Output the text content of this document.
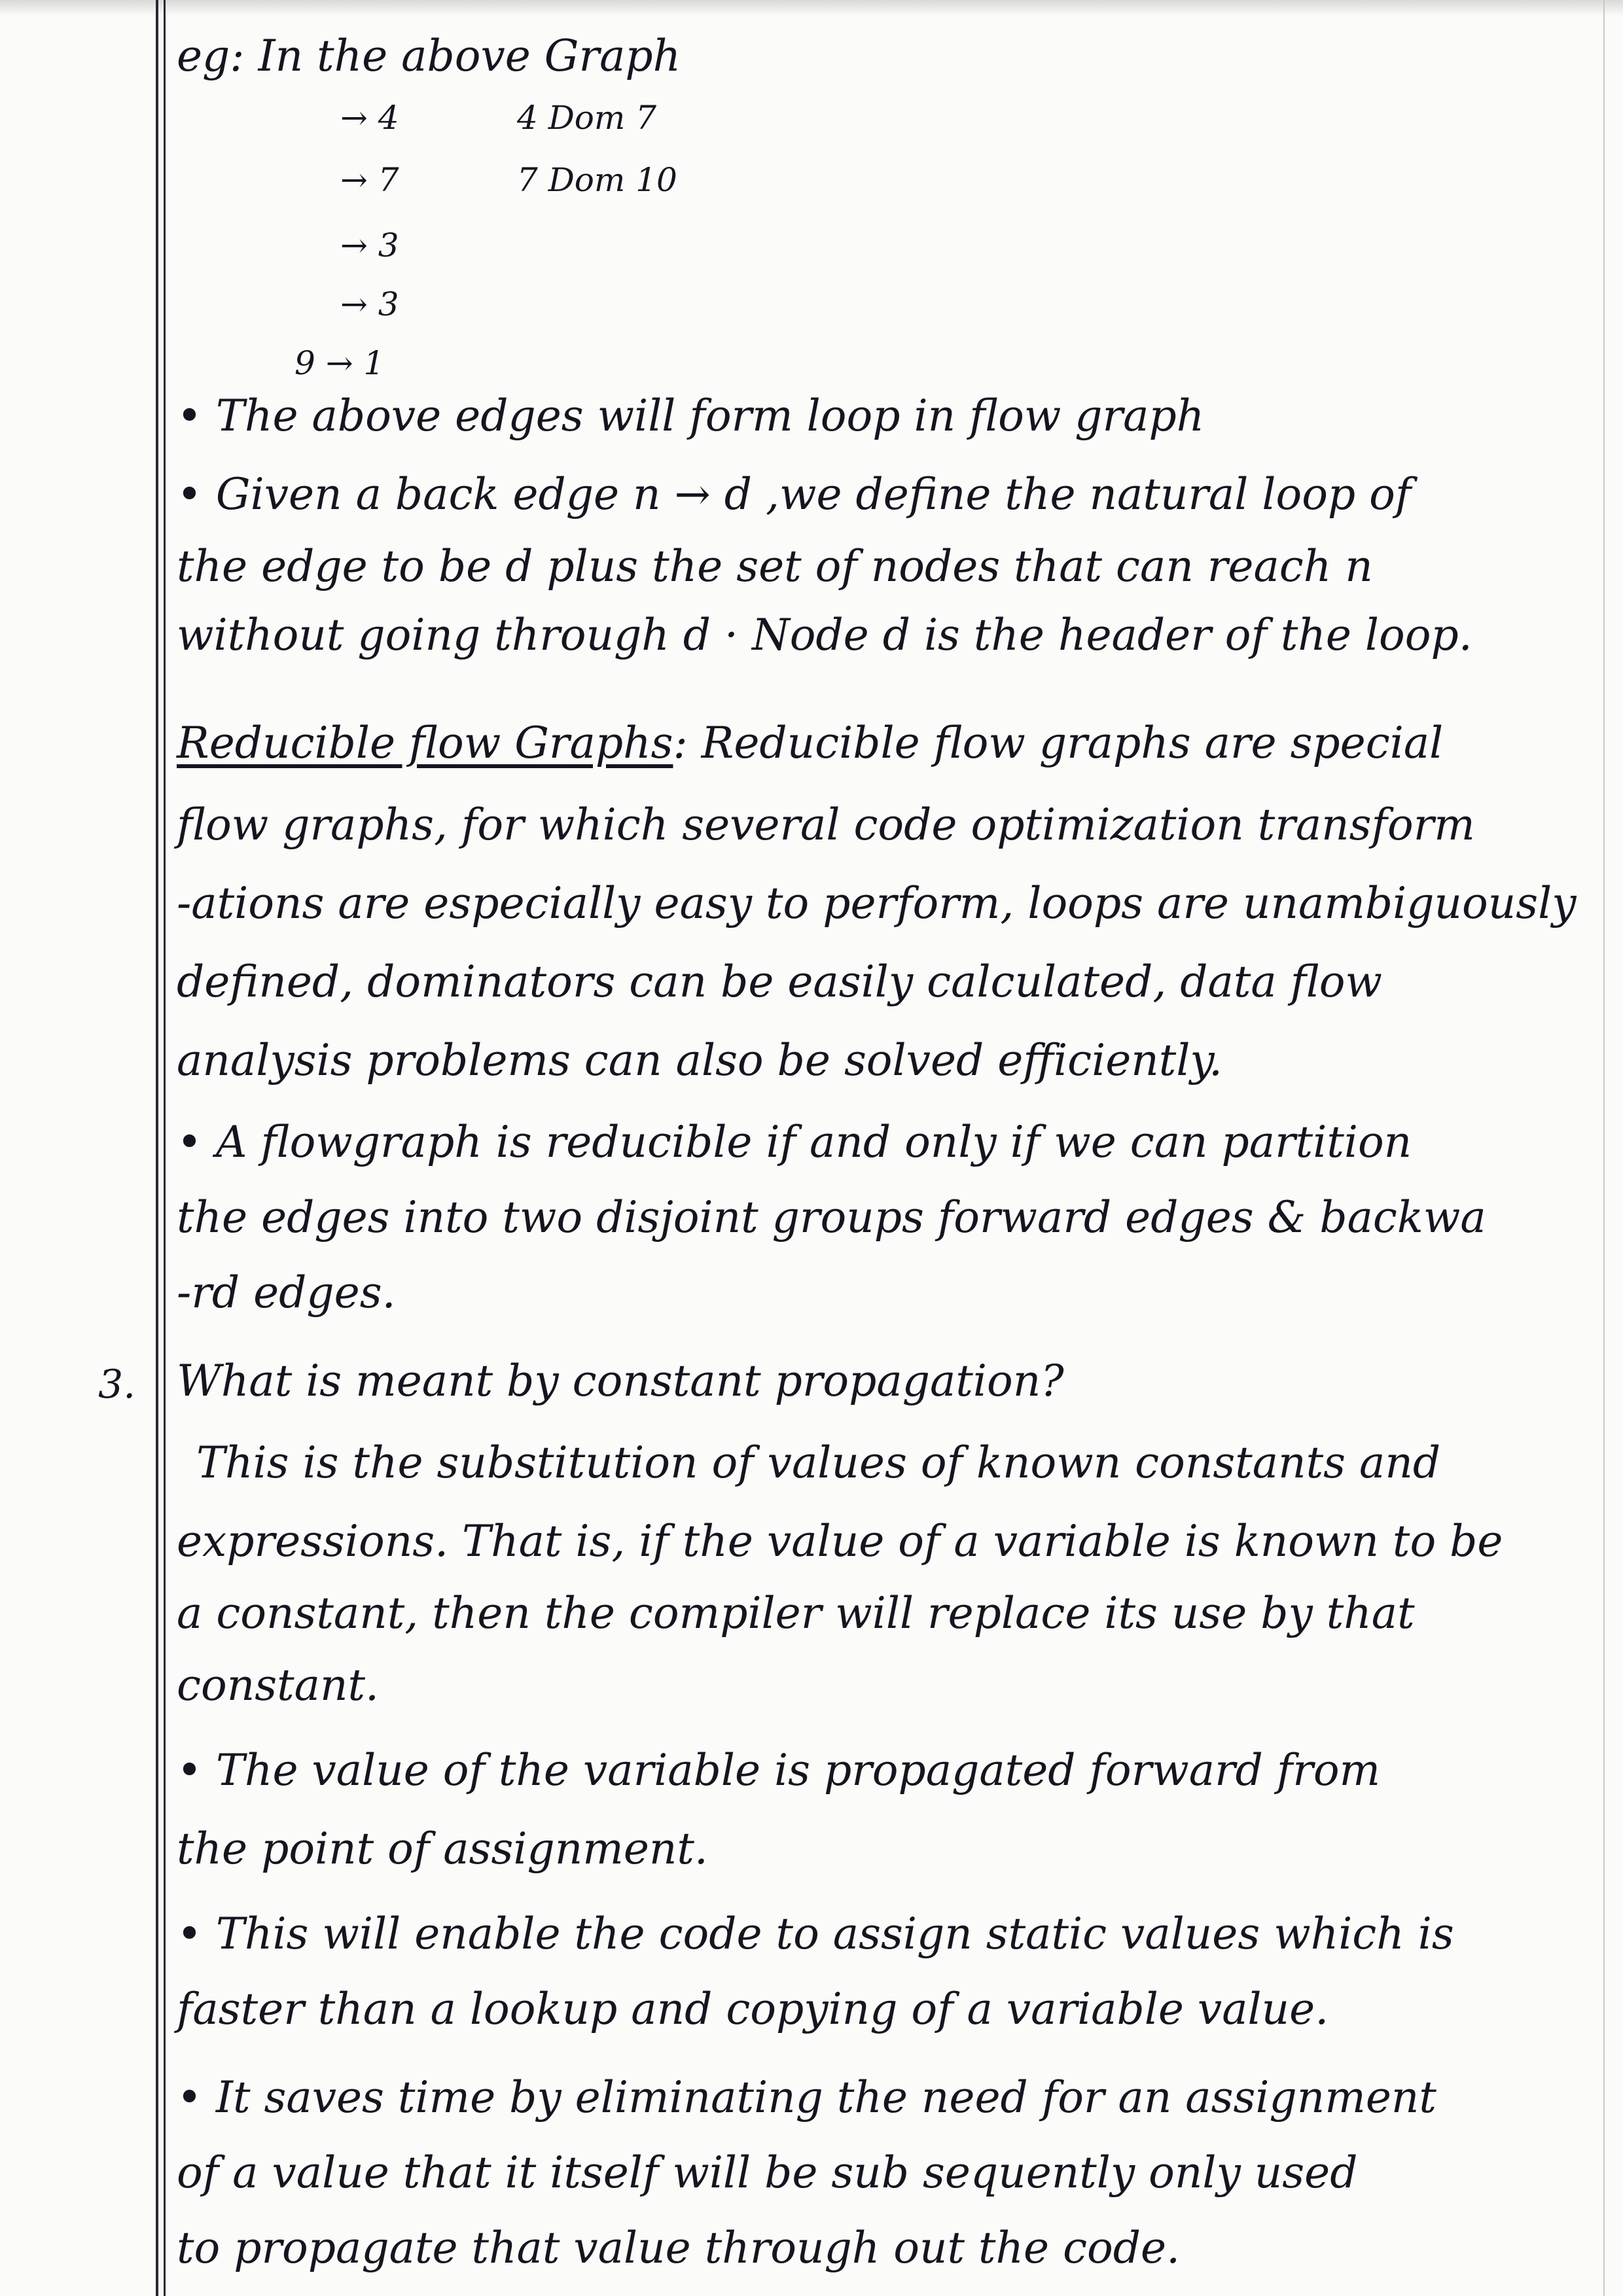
eg: In the above Graph
→ 4	4 Dom 7
→ 7	7 Dom 10
→ 3
→ 3
9 → 1
• The above edges will form loop in flow graph
• Given a back edge n → d ,we define the natural loop of
the edge to be d plus the set of nodes that can reach n
without going through d · Node d is the header of the loop.
Reducible flow Graphs: Reducible flow graphs are special
flow graphs, for which several code optimization transform
-ations are especially easy to perform, loops are unambiguously
defined, dominators can be easily calculated, data flow
analysis problems can also be solved efficiently.
• A flowgraph is reducible if and only if we can partition
the edges into two disjoint groups forward edges & backwa
-rd edges.
3. What is meant by constant propagation?
This is the substitution of values of known constants and
expressions. That is, if the value of a variable is known to be
a constant, then the compiler will replace its use by that
constant.
• The value of the variable is propagated forward from
the point of assignment.
• This will enable the code to assign static values which is
faster than a lookup and copying of a variable value.
• It saves time by eliminating the need for an assignment
of a value that it itself will be sub sequently only used
to propagate that value through out the code.
